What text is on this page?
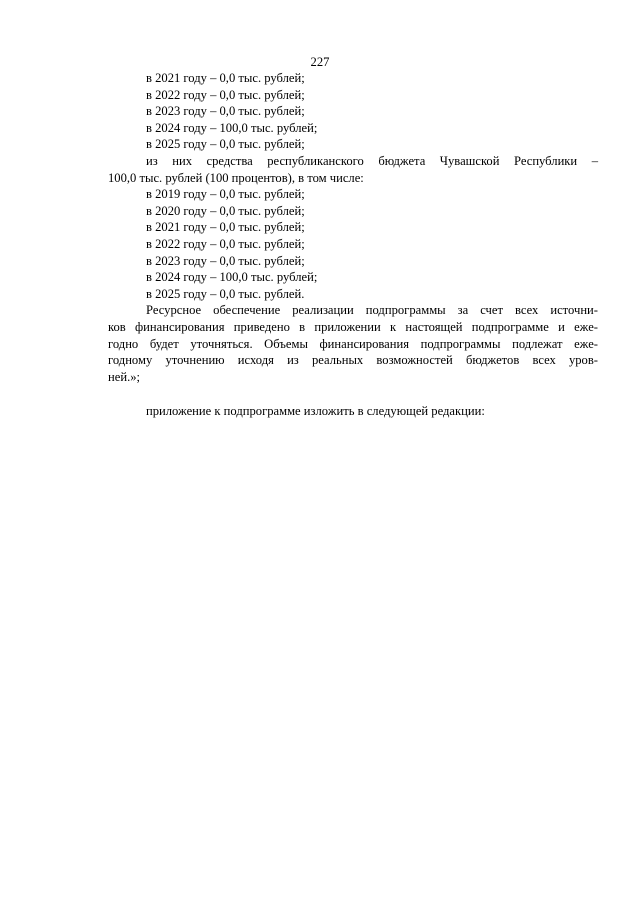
227

в 2021 году – 0,0 тыс. рублей;

в 2022 году – 0,0 тыс. рублей;

в 2023 году – 0,0 тыс. рублей;

в 2024 году – 100,0 тыс. рублей;

в 2025 году – 0,0 тыс. рублей;

из них средства республиканского бюджета Чувашской Республики –

100,0 тыс. рублей (100 процентов), в том числе:

в 2019 году – 0,0 тыс. рублей;

в 2020 году – 0,0 тыс. рублей;

в 2021 году – 0,0 тыс. рублей;

в 2022 году – 0,0 тыс. рублей;

в 2023 году – 0,0 тыс. рублей;

в 2024 году – 100,0 тыс. рублей;

в 2025 году – 0,0 тыс. рублей.

Ресурсное обеспечение реализации подпрограммы за счет всех источни-

ков финансирования приведено в приложении к настоящей подпрограмме и еже-

годно будет уточняться. Объемы финансирования подпрограммы подлежат еже-

годному уточнению исходя из реальных возможностей бюджетов всех уров-

ней.»;

приложение к подпрограмме изложить в следующей редакции:
